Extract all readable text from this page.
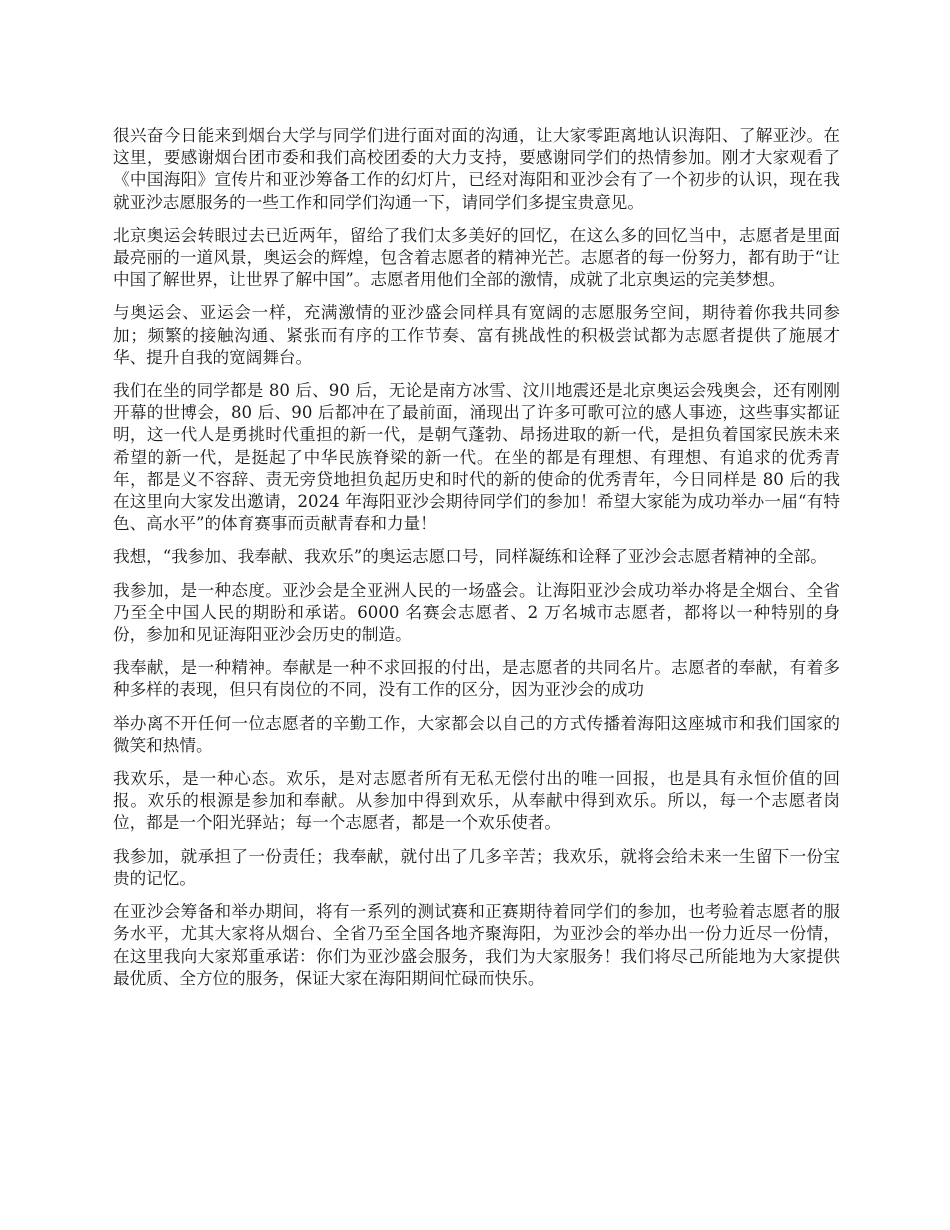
很兴奋今日能来到烟台大学与同学们进行面对面的沟通，让大家零距离地认识海阳、了解亚沙。在这里，要感谢烟台团市委和我们高校团委的大力支持，要感谢同学们的热情参加。刚才大家观看了《中国海阳》宣传片和亚沙筹备工作的幻灯片，已经对海阳和亚沙会有了一个初步的认识，现在我就亚沙志愿服务的一些工作和同学们沟通一下，请同学们多提宝贵意见。

北京奥运会转眼过去已近两年，留给了我们太多美好的回忆，在这么多的回忆当中，志愿者是里面最亮丽的一道风景，奥运会的辉煌，包含着志愿者的精神光芒。志愿者的每一份努力，都有助于“让中国了解世界，让世界了解中国”。志愿者用他们全部的激情，成就了北京奥运的完美梦想。

与奥运会、亚运会一样，充满激情的亚沙盛会同样具有宽阔的志愿服务空间，期待着你我共同参加；频繁的接触沟通、紧张而有序的工作节奏、富有挑战性的积极尝试都为志愿者提供了施展才华、提升自我的宽阔舞台。

我们在坐的同学都是 80 后、90 后，无论是南方冰雪、汶川地震还是北京奥运会残奥会，还有刚刚开幕的世博会，80 后、90 后都冲在了最前面，涌现出了许多可歌可泣的感人事迹，这些事实都证明，这一代人是勇挑时代重担的新一代，是朝气蓬勃、昂扬进取的新一代，是担负着国家民族未来希望的新一代，是挺起了中华民族脊梁的新一代。在坐的都是有理想、有理想、有追求的优秀青年，都是义不容辞、责无旁贷地担负起历史和时代的新的使命的优秀青年，今日同样是 80 后的我在这里向大家发出邀请，2024 年海阳亚沙会期待同学们的参加！希望大家能为成功举办一届“有特色、高水平”的体育赛事而贡献青春和力量！

我想，“我参加、我奉献、我欢乐”的奥运志愿口号，同样凝练和诠释了亚沙会志愿者精神的全部。

我参加，是一种态度。亚沙会是全亚洲人民的一场盛会。让海阳亚沙会成功举办将是全烟台、全省乃至全中国人民的期盼和承诺。6000 名赛会志愿者、2 万名城市志愿者，都将以一种特别的身份，参加和见证海阳亚沙会历史的制造。

我奉献，是一种精神。奉献是一种不求回报的付出，是志愿者的共同名片。志愿者的奉献，有着多种多样的表现，但只有岗位的不同，没有工作的区分，因为亚沙会的成功

举办离不开任何一位志愿者的辛勤工作，大家都会以自己的方式传播着海阳这座城市和我们国家的微笑和热情。

我欢乐，是一种心态。欢乐，是对志愿者所有无私无偿付出的唯一回报，也是具有永恒价值的回报。欢乐的根源是参加和奉献。从参加中得到欢乐，从奉献中得到欢乐。所以，每一个志愿者岗位，都是一个阳光驿站；每一个志愿者，都是一个欢乐使者。

我参加，就承担了一份责任；我奉献，就付出了几多辛苦；我欢乐，就将会给未来一生留下一份宝贵的记忆。

在亚沙会筹备和举办期间，将有一系列的测试赛和正赛期待着同学们的参加，也考验着志愿者的服务水平，尤其大家将从烟台、全省乃至全国各地齐聚海阳，为亚沙会的举办出一份力近尽一份情，在这里我向大家郑重承诺：你们为亚沙盛会服务，我们为大家服务！我们将尽己所能地为大家提供最优质、全方位的服务，保证大家在海阳期间忙碌而快乐。
